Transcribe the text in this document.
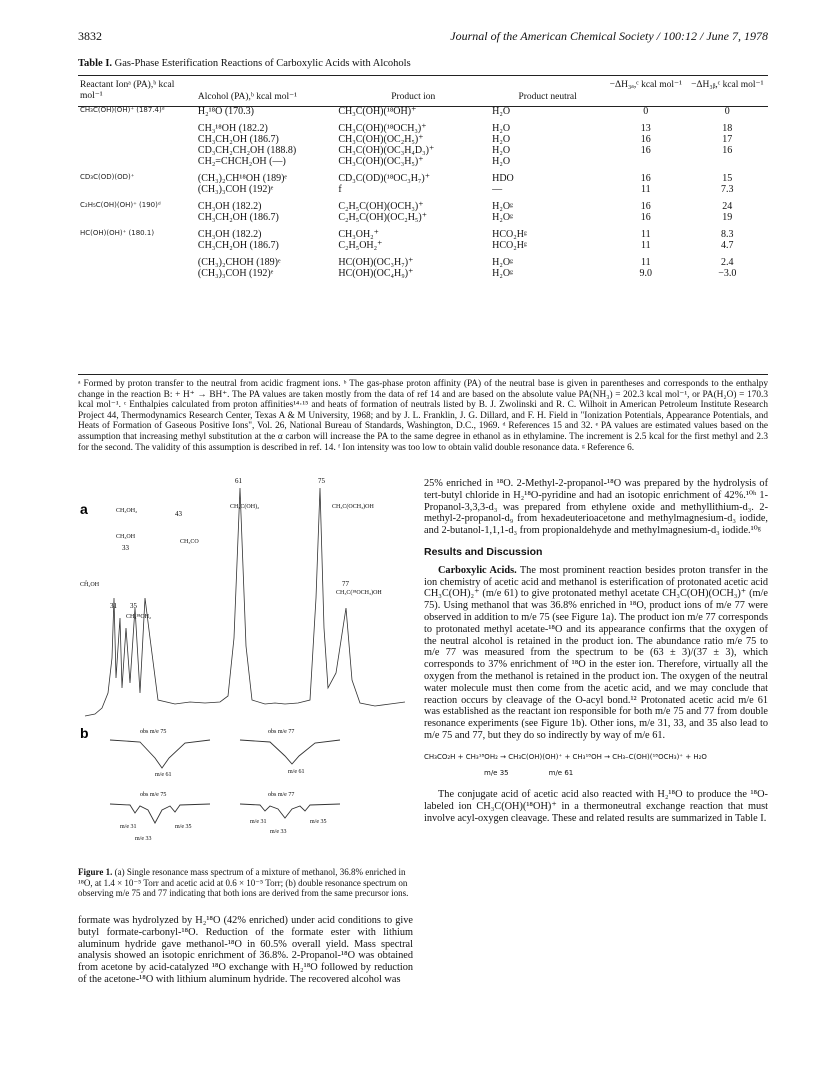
3832	Journal of the American Chemical Society / 100:12 / June 7, 1978
Table I. Gas-Phase Esterification Reactions of Carboxylic Acids with Alcohols
Reactant Ionᵃ (PA),ᵇ kcal mol⁻¹	Alcohol (PA),ᵇ kcal mol⁻¹	Product ion	Product neutral	−ΔH₃ₐ,ᶜ kcal mol⁻¹	−ΔH₃ᵦ,ᶜ kcal mol⁻¹
CH₃C(OH)(OH)⁺ (187.4)ᵈ	H₂¹⁸O (170.3)	CH₃C(OH)(¹⁸OH)⁺	H₂O	0	0

	CH₃¹⁸OH (182.2)	CH₃C(OH)(¹⁸OCH₃)⁺	H₂O	13	18
	CH₃CH₂OH (186.7)	CH₃C(OH)(OC₂H₅)⁺	H₂O	16	17
	CD₃CH₂CH₂OH (188.8)	CH₃C(OH)(OC₃H₄D₃)⁺	H₂O	16	16
	CH₂=CHCH₂OH (—)	CH₃C(OH)(OC₃H₅)⁺	H₂O		

CD₃C(OD)(OD)⁺	(CH₃)₂CH¹⁸OH (189)ᵉ	CD₃C(OD)(¹⁸OC₃H₇)⁺	HDO	16	15
	(CH₃)₃COH (192)ᵉ	f	—	11	7.3

C₂H₅C(OH)(OH)⁺ (190)ᵈ	CH₃OH (182.2)	C₂H₅C(OH)(OCH₃)⁺	H₂Oᵍ	16	24
	CH₃CH₂OH (186.7)	C₂H₅C(OH)(OC₂H₅)⁺	H₂Oᵍ	16	19

HC(OH)(OH)⁺ (180.1)	CH₃OH (182.2)	CH₃OH₂⁺	HCO₂Hᵍ	11	8.3
	CH₃CH₂OH (186.7)	C₂H₅OH₂⁺	HCO₂Hᵍ	11	4.7

	(CH₃)₂CHOH (189)ᵉ	HC(OH)(OC₃H₇)⁺	H₂Oᵍ	11	2.4
	(CH₃)₃COH (192)ᵉ	HC(OH)(OC₄H₉)⁺	H₂Oᵍ	9.0	−3.0
ᵃ Formed by proton transfer to the neutral from acidic fragment ions. ᵇ The gas-phase proton affinity (PA) of the neutral base is given in parentheses and corresponds to the enthalpy change in the reaction B: + H⁺ → BH⁺. The PA values are taken mostly from the data of ref 14 and are based on the absolute value PA(NH₃) = 202.3 kcal mol⁻¹, or PA(H₂O) = 170.3 kcal mol⁻¹. ᶜ Enthalpies calculated from proton affinities¹⁴·¹⁵ and heats of formation of neutrals listed by B. J. Zwolinski and R. C. Wilhoit in American Petroleum Institute Research Project 44, Thermodynamics Research Center, Texas A & M University, 1968; and by J. L. Franklin, J. G. Dillard, and F. H. Field in "Ionization Potentials, Appearance Potentials, and Heats of Formation of Gaseous Positive Ions", Vol. 26, National Bureau of Standards, Washington, D.C., 1969. ᵈ References 15 and 32. ᵉ PA values are estimated values based on the assumption that increasing methyl substitution at the α carbon will increase the PA to the same degree in ethanol as in ethylamine. The increment is 2.5 kcal for the first methyl and 2.3 for the second. The validity of this assumption is described in ref. 14. ᶠ Ion intensity was too low to obtain valid double resonance data. ᵍ Reference 6.
a
61	75
77
43
33
31 35
CH₃OH₂
CH₃OH
CH₃CO
CH₃C(OH)₂	CH₃C(OCH₃)OH
CH₃C(¹⁸OCH₃)OH
CĤ₂OH
CH₃¹⁸OH₂
b	obs m/e 75	obs m/e 77
m/e 61	m/e 61
obs m/e 75	obs m/e 77
m/e 31
m/e 33
m/e 35
m/e 31
m/e 33
m/e 35
Figure 1. (a) Single resonance mass spectrum of a mixture of methanol, 36.8% enriched in ¹⁸O, at 1.4 × 10⁻⁵ Torr and acetic acid at 0.6 × 10⁻⁵ Torr; (b) double resonance spectrum on observing m/e 75 and 77 indicating that both ions are derived from the same precursor ions.

formate was hydrolyzed by H₂¹⁸O (42% enriched) under acid conditions to give butyl formate-carbonyl-¹⁸O. Reduction of the formate ester with lithium aluminum hydride gave methanol-¹⁸O in 60.5% overall yield. Mass spectral analysis showed an isotopic enrichment of 36.8%. 2-Propanol-¹⁸O was obtained from acetone by acid-catalyzed ¹⁸O exchange with H₂¹⁸O followed by reduction of the acetone-¹⁸O with lithium aluminum hydride. The recovered alcohol was

25% enriched in ¹⁸O. 2-Methyl-2-propanol-¹⁸O was prepared by the hydrolysis of tert-butyl chloride in H₂¹⁸O-pyridine and had an isotopic enrichment of 42%.¹⁰ʰ 1-Propanol-3,3,3-d₃ was prepared from ethylene oxide and methyllithium-d₃. 2-methyl-2-propanol-d₉ from hexadeuterioacetone and methylmagnesium-d₃ iodide, and 2-butanol-1,1,1-d₃ from propionaldehyde and methylmagnesium-d₃ iodide.¹⁰ᵍ

Results and Discussion

Carboxylic Acids. The most prominent reaction besides proton transfer in the ion chemistry of acetic acid and methanol is esterification of protonated acetic acid CH₃C(OH)₂⁺ (m/e 61) to give protonated methyl acetate CH₃C(OH)(OCH₃)⁺ (m/e 75). Using methanol that was 36.8% enriched in ¹⁸O, product ions of m/e 77 were observed in addition to m/e 75 (see Figure 1a). The product ion m/e 77 corresponds to protonated methyl acetate-¹⁸O and its appearance confirms that the oxygen of the neutral alcohol is retained in the product ion. The abundance ratio m/e 75 to m/e 77 was measured from the spectrum to be (63 ± 3)/(37 ± 3), which corresponds to 37% enrichment of ¹⁸O in the ester ion. Therefore, virtually all the oxygen from the methanol is retained in the product ion. The oxygen of the neutral water molecule must then come from the acetic acid, and we may conclude that reaction occurs by cleavage of the O-acyl bond.¹² Protonated acetic acid m/e 61 was established as the reactant ion responsible for both m/e 75 and 77 from double resonance experiments (see Figure 1b). Other ions, m/e 31, 33, and 35 also lead to m/e 75 and 77, but they do so indirectly by way of m/e 61.

CH₃CO₂H + CH₃¹⁸OH₂ → CH₃C(OH)(OH)⁺ + CH₃¹⁸OH → CH₃–C(OH)(¹⁸OCH₃)⁺ + H₂O
m/e 35	m/e 61

The conjugate acid of acetic acid also reacted with H₂¹⁸O to produce the ¹⁸O-labeled ion CH₃C(OH)(¹⁸OH)⁺ in a thermoneutral exchange reaction that must involve acyl-oxygen cleavage. These and related results are summarized in Table I.
